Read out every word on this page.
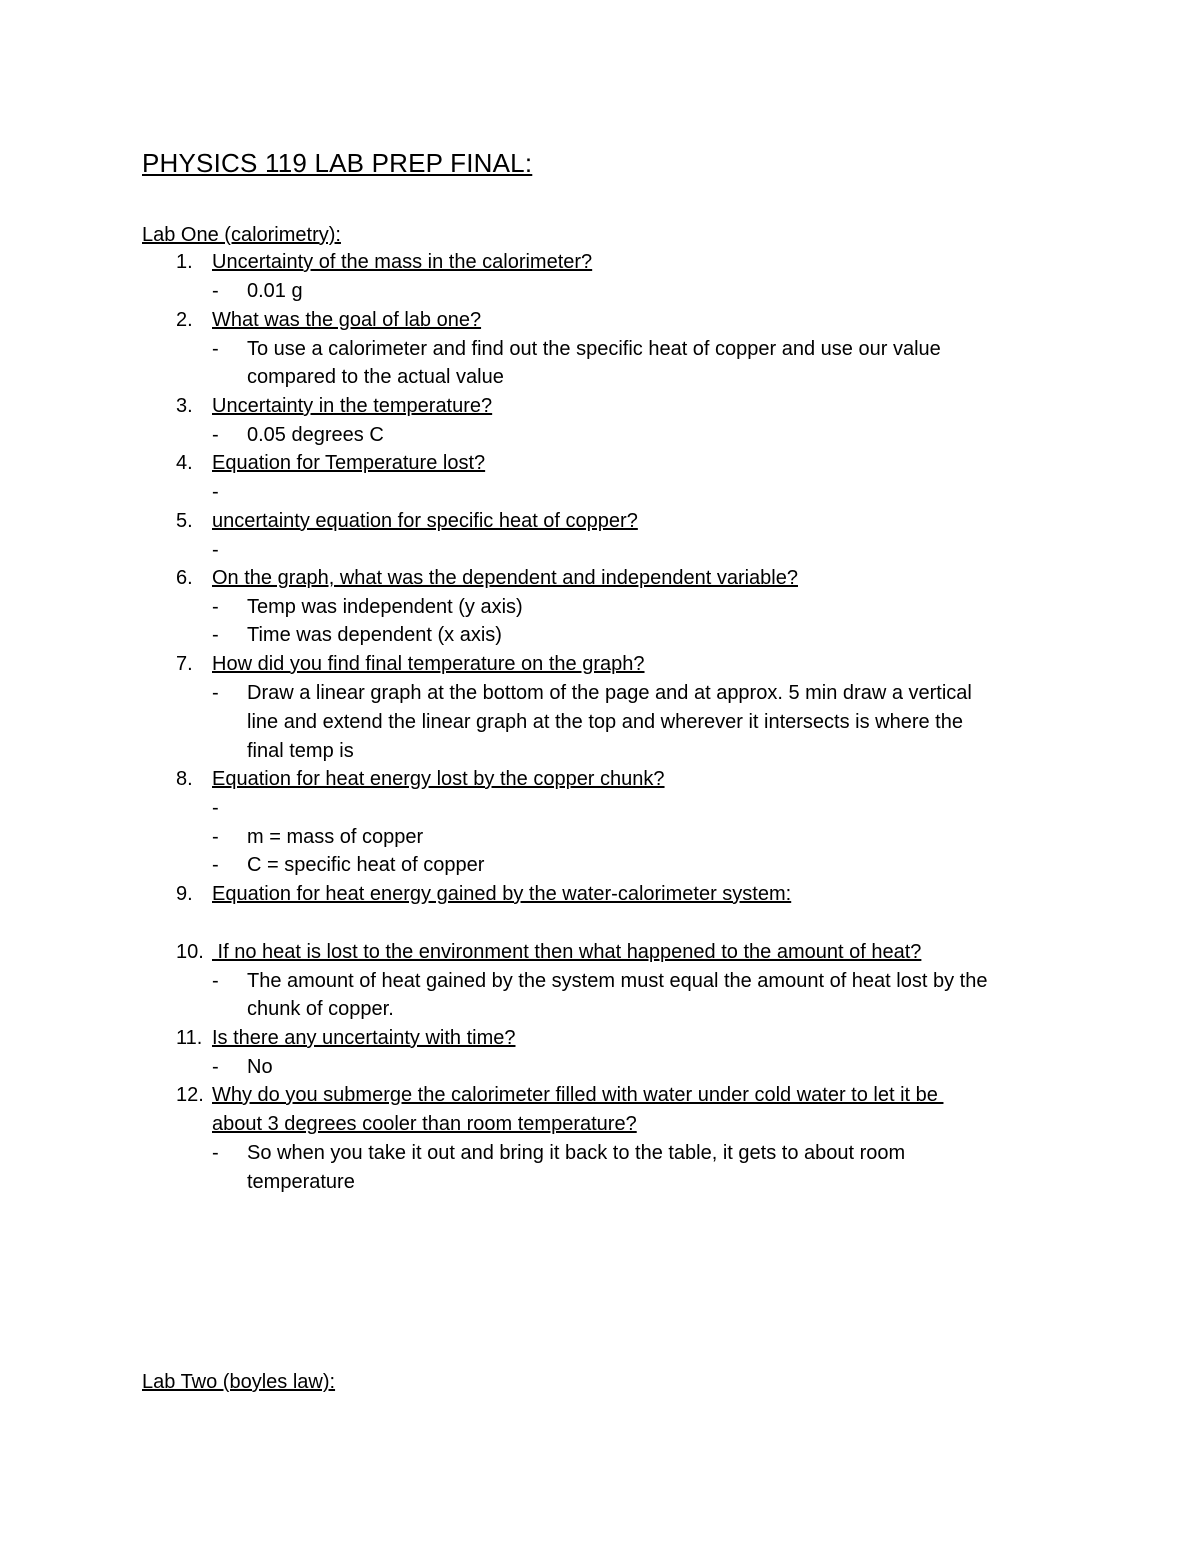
PHYSICS 119 LAB PREP FINAL:
Lab One (calorimetry):
1. Uncertainty of the mass in the calorimeter?
- 0.01 g
2. What was the goal of lab one?
- To use a calorimeter and find out the specific heat of copper and use our value
compared to the actual value
3. Uncertainty in the temperature?
- 0.05 degrees C
4. Equation for Temperature lost?
-
5. uncertainty equation for specific heat of copper?
-
6. On the graph, what was the dependent and independent variable?
- Temp was independent (y axis)
- Time was dependent (x axis)
7. How did you find final temperature on the graph?
- Draw a linear graph at the bottom of the page and at approx. 5 min draw a vertical
line and extend the linear graph at the top and wherever it intersects is where the
final temp is
8. Equation for heat energy lost by the copper chunk?
-
- m = mass of copper
- C = specific heat of copper
9. Equation for heat energy gained by the water-calorimeter system:
10. If no heat is lost to the environment then what happened to the amount of heat?
- The amount of heat gained by the system must equal the amount of heat lost by the
chunk of copper.
11. Is there any uncertainty with time?
- No
12. Why do you submerge the calorimeter filled with water under cold water to let it be
about 3 degrees cooler than room temperature?
- So when you take it out and bring it back to the table, it gets to about room
temperature
Lab Two (boyles law):
